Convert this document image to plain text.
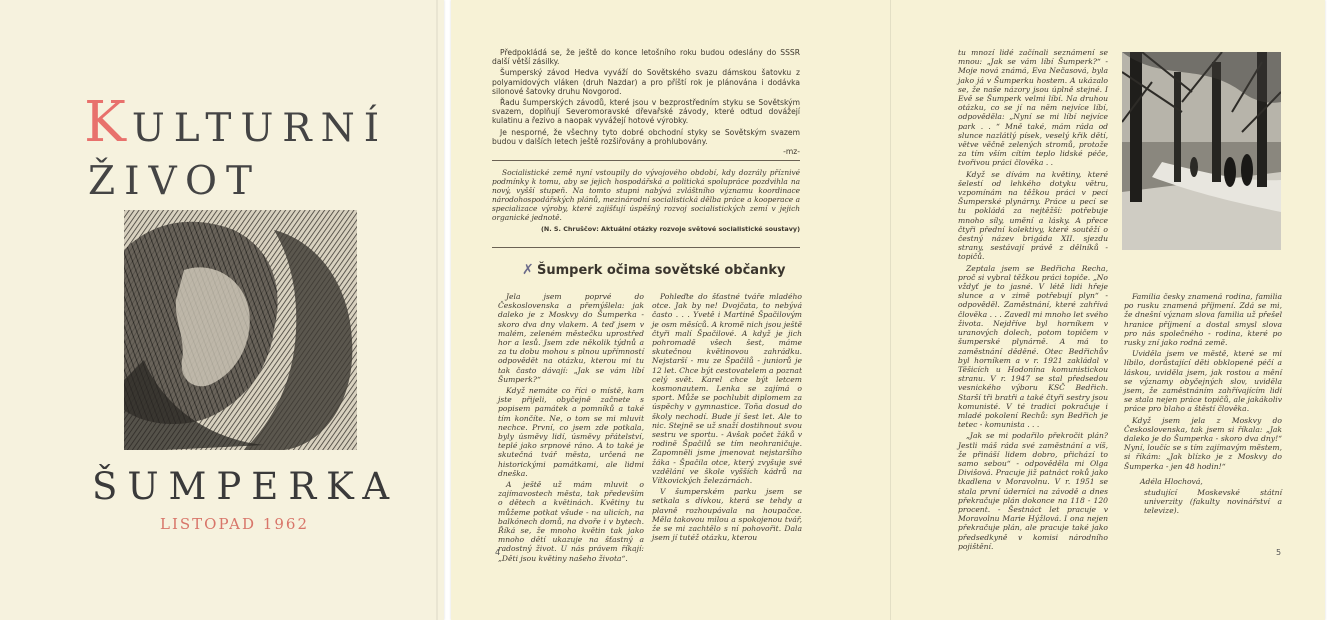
KULTURNÍ
ŽIVOT
ŠUMPERKA
LISTOPAD 1962

Předpokládá se, že ještě do konce letošního roku budou odeslány do SSSR další větší zásilky.

Šumperský závod Hedva vyváží do Sovětského svazu dámskou šatovku z polyamidových vláken (druh Nazdar) a pro příští rok je plánována i dodávka silonové šatovky druhu Novgorod.

Řadu šumperských závodů, které jsou v bezprostředním styku se Sovětským svazem, doplňují Severomoravské dřevařské závody, které odtud dovážejí kulatinu a řezivo a naopak vyvážejí hotové výrobky.

Je nesporné, že všechny tyto dobré obchodní styky se Sovětským svazem budou v dalších letech ještě rozšiřovány a prohlubovány.

-mz-

Socialistické země nyní vstoupily do vývojového období, kdy dozrály příznivé podmínky k tomu, aby se jejich hospodářská a politická spolupráce pozdvihla na nový, vyšší stupeň. Na tomto stupni nabývá zvláštního významu koordinace národohospodářských plánů, mezinárodní socialistická dělba práce a kooperace a specializace výroby, které zajišťují úspěšný rozvoj socialistických zemí v jejich organické jednotě.

(N. S. Chruščov: Aktuální otázky rozvoje světové socialistické soustavy)
✗ Šumperk očima sovětské občanky

Jela jsem poprvé do Československa a přemýšlela: jak daleko je z Moskvy do Šumperka - skoro dva dny vlakem. A teď jsem v malém, zeleném městečku uprostřed hor a lesů. Jsem zde několik týdnů a za tu dobu mohou s plnou upřímností odpovědět na otázku, kterou mi tu tak často dávají: „Jak se vám líbí Šumperk?“

Když nemáte co říci o místě, kam jste přijeli, obyčejně začnete s popisem památek a pomníků a také tím končíte. Ne, o tom se mi mluvit nechce. První, co jsem zde potkala, byly úsměvy lidí, úsměvy přátelství, teplé jako srpnové ráno. A to také je skutečná tvář města, určená ne historickými památkami, ale lidmi dneška.

A ještě už mám mluvit o zajímavostech města, tak především o dětech a květinách. Květiny tu můžeme potkat všude - na ulicích, na balkónech domů, na dvoře i v bytech. Říká se, že mnoho květin tak jako mnoho dětí ukazuje na šťastný a radostný život. U nás právem říkají: „Děti jsou květiny našeho života“.

Pohleďte do šťastné tváře mladého otce. Jak by ne! Dvojčata, to nebývá často . . . Yvetě i Martině Špačilovým je osm měsíců. A kromě nich jsou ještě čtyři malí Špačilové. A když je jich pohromadě všech šest, máme skutečnou květinovou zahrádku. Nejstarší - mu ze Špačilů - juniorů je 12 let. Chce být cestovatelem a poznat celý svět. Karel chce být letcem kosmonautem. Lenka se zajímá o sport. Může se pochlubit diplomem za úspěchy v gymnastice. Toňa dosud do školy nechodí. Bude jí šest let. Ale to nic. Stejně se už snaží dostihnout svou sestru ve sportu. - Avšak počet žáků v rodině Špačilů se tím neohraničuje. Zapomněli jsme jmenovat nejstaršího žáka - Špačila otce, který zvyšuje své vzdělání ve škole vyšších kádrů na Vítkovických železárnách.

V šumperském parku jsem se setkala s dívkou, která se tehdy a plavně rozhoupávala na houpačce. Měla takovou milou a spokojenou tvář, že se mi zachtělo s ní pohovořit. Dala jsem jí tutéž otázku, kterou

4

tu mnozí lidé začínali seznámení se mnou: „Jak se vám líbí Šumperk?“ - Moje nová známá, Eva Nečasová, byla jako já v Šumperku hostem. A ukázalo se, že naše názory jsou úplně stejné. I Evě se Šumperk velmi líbí. Na druhou otázku, co se jí na něm nejvíce líbí, odpověděla: „Nyní se mi líbí nejvíce park . . “ Mně také, mám ráda od slunce nazlátlý písek, veselý křik dětí, větve věčně zelených stromů, protože za tím vším cítím teplo lidské péče, tvořivou práci člověka . .

Když se dívám na květiny, které šelestí od lehkého dotyku větru, vzpomínám na těžkou práci v peci Šumperské plynárny. Práce u pecí se tu pokládá za nejtěžší: potřebuje mnoho síly, umění a lásky. A přece čtyři přední kolektivy, které soutěží o čestný název brigáda XII. sjezdu strany, sestávají právě z dělníků - topičů.

Zeptala jsem se Bedřicha Recha, proč si vybral těžkou práci topiče. „No vždyť je to jasné. V létě lidi hřeje slunce a v zimě potřebují plyn“ - odpověděl. Zaměstnání, které zahřívá člověka . . . Zavedl mi mnoho let svého života. Nejdříve byl horníkem v uranových dolech, potom topičem v šumperské plynárně. A má to zaměstnání děděné. Otec Bedřichův byl horníkem a v r. 1921 zakládal v Těšicích u Hodonína komunistickou stranu. V r. 1947 se stal předsedou vesnického výboru KSČ Bedřich. Starší tři bratři a také čtyři sestry jsou komunisté. V té tradici pokračuje i mladé pokolení Rechů: syn Bedřich je tetec - komunista . . .

„Jak se mi podařilo překročit plán? Jestli máš ráda své zaměstnání a víš, že přináší lidem dobro, přichází to samo sebou“ - odpověděla mi Olga Divišová. Pracuje již patnáct roků jako tkadlena v Moravolnu. V r. 1951 se stala první úderníci na závodě a dnes překračuje plán dokonce na 118 - 120 procent. - Šestnáct let pracuje v Moravolnu Marie Hýžlová. I ona nejen překračuje plán, ale pracuje také jako předsedkyně v komisi národního pojištění.

Familia česky znamená rodina, familia po rusku znamená příjmení. Zdá se mi, že dnešní význam slova familia už přešel hranice příjmení a dostal smysl slova pro nás společného - rodina, které po rusky zní jako rodná země.

Uviděla jsem ve městě, které se mi líbilo, dorůstající děti obklopené péčí a láskou, uviděla jsem, jak rostou a mění se významy obyčejných slov, uviděla jsem, že zaměstnáním zahřívajícím lidi se stala nejen práce topičů, ale jakákoliv práce pro blaho a štěstí člověka.

Když jsem jela z Moskvy do Československa, tak jsem si říkala: „Jak daleko je do Šumperka - skoro dva dny!“ Nyní, loučíc se s tím zajímavým městem, si říkám: „Jak blízko je z Moskvy do Šumperka - jen 48 hodin!“

Adéla Hlochová,

studující Moskevské státní univerzity (fakulty novinářství a televize).

5
